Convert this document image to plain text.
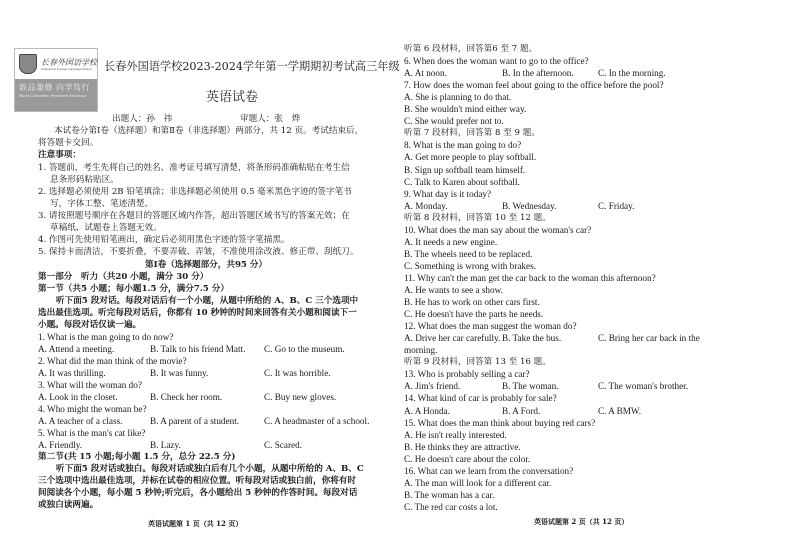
长春外国语学校
Changchun Foreign Language School
敦品兼修 向学笃行
Moral Cultivation Persistent Endeavor
长春外国语学校2023-2024学年第一学期期初考试高三年级
英语试卷
出题人：孙　祎	审题人：张　烨
本试卷分第Ⅰ卷（选择题）和第Ⅱ卷（非选择题）两部分，共 12 页。考试结束后，
将答题卡交回。
注意事项：
1. 答题前，考生先将自己的姓名、准考证号填写清楚，将条形码准确粘贴在考生信
息条形码粘贴区。
2. 选择题必须使用 2B 铅笔填涂；非选择题必须使用 0.5 毫米黑色字迹的签字笔书
写，字体工整、笔迹清楚。
3. 请按照题号顺序在各题目的答题区域内作答，超出答题区域书写的答案无效；在
草稿纸、试题卷上答题无效。
4. 作图可先使用铅笔画出，确定后必须用黑色字迹的签字笔描黑。
5. 保持卡面清洁，不要折叠，不要弄破、弄皱，不准使用涂改液、修正带、刮纸刀。
第Ⅰ卷（选择题部分，共95 分）
第一部分　听力（共20 小题，满分 30 分）
第一节（共5 小题；每小题1.5 分，满分7.5 分）
听下面5 段对话。每段对话后有一个小题，从题中所给的 A、B、C 三个选项中
选出最佳选项。听完每段对话后，你都有 10 秒钟的时间来回答有关小题和阅读下一
小题。每段对话仅读一遍。
1. What is the man going to do now?
A. Attend a meeting.	B. Talk to his friend Matt. C. Go to the museum.
2. What did the man think of the movie?
A. It was thrilling.	B. It was funny.	C. It was horrible.
3. What will the woman do?
A. Look in the closet.	B. Check her room.	C. Buy new gloves.
4. Who might the woman be?
A. A teacher of a class.	B. A parent of a student.	C. A headmaster of a school.
5. What is the man's cat like?
A. Friendly.	B. Lazy.	C. Scared.
第二节(共 15 小题;每小题 1.5 分，总分 22.5 分)
听下面5 段对话或独白。每段对话或独白后有几个小题，从题中所给的 A、B、C
三个选项中选出最佳选项，并标在试卷的相应位置。听每段对话或独白前，你将有时
间阅读各个小题，每小题 5 秒钟;听完后，各小题给出 5 秒钟的作答时间。每段对话
或独白读两遍。
英语试题第 1 页（共 12 页）
听第 6 段材料，回答第6 至 7 题。
6. When does the woman want to go to the office?
A. At noon.	B. In the afternoon.	C. In the morning.
7. How does the woman feel about going to the office before the pool?
A. She is planning to do that.
B. She wouldn't mind either way.
C. She would prefer not to.
听第 7 段材料，回答第 8 至 9 题。
8. What is the man going to do?
A. Get more people to play softball.
B. Sign up softball team himself.
C. Talk to Karen about softball.
9. What day is it today?
A. Monday.	B. Wednesday.	C. Friday.
听第 8 段材料，回答第 10 至 12 题。
10. What does the man say about the woman's car?
A. It needs a new engine.
B. The wheels need to be replaced.
C. Something is wrong with brakes.
11. Why can't the man get the car back to the woman this afternoon?
A. He wants to see a show.
B. He has to work on other cars first.
C. He doesn't have the parts he needs.
12. What does the man suggest the woman do?
A. Drive her car carefully. B. Take the bus.	C. Bring her car back in the
morning.
听第 9 段材料，回答第 13 至 16 题。
13. Who is probably selling a car?
A. Jim's friend.	B. The woman.	C. The woman's brother.
14. What kind of car is probably for sale?
A. A Honda.	B. A Ford.	C. A BMW.
15. What does the man think about buying red cars?
A. He isn't really interested.
B. He thinks they are attractive.
C. He doesn't care about the color.
16. What can we learn from the conversation?
A. The man will look for a different car.
B. The woman has a car.
C. The red car costs a lot.
英语试题第 2 页（共 12 页）
